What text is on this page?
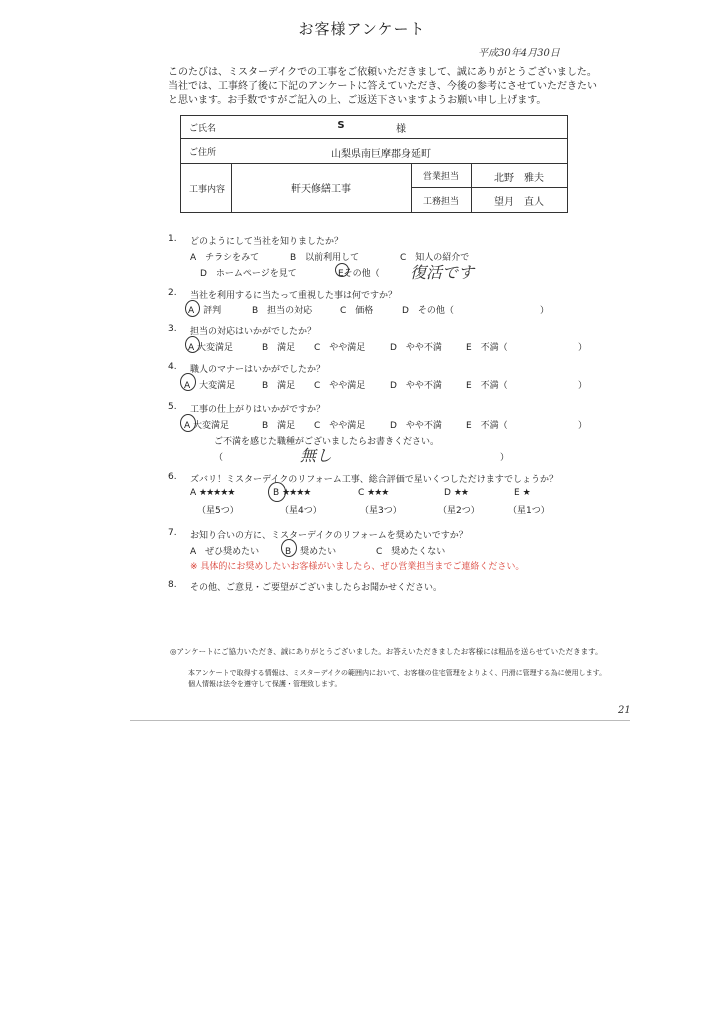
お客様アンケート
平成30年4月30日
このたびは、ミスターデイクでの工事をご依頼いただきまして、誠にありがとうございました。
当社では、工事終了後に下記のアンケートに答えていただき、今後の参考にさせていただきたい
と思います。お手数ですがご記入の上、ご返送下さいますようお願い申し上げます。
ご氏名	S	様
ご住所	山梨県南巨摩郡身延町
工事内容	軒天修繕工事
営業担当	北野　雅夫
工務担当	望月　直人
1. どのようにして当社を知りましたか？
A　チラシをみて	B　以前利用して	C　知人の紹介で
D　ホームページを見て	Eその他（ 復活です
2. 当社を利用するに当たって重視した事は何ですか？
A　評判	B　担当の対応	C　価格	D　その他（	）
3. 担当の対応はいかがでしたか？
A 大変満足	B　満足 C　やや満足	D　やや不満	E　不満（	）
4. 職人のマナーはいかがでしたか？
A　大変満足	B　満足 C　やや満足	D　やや不満	E　不満（	）
5. 工事の仕上がりはいかがですか？
A 大変満足	B　満足 C　やや満足	D　やや不満	E　不満（	）
ご不満を感じた職種がございましたらお書きください。
（	無し	）
6. ズバリ！ミスターデイクのリフォーム工事、総合評価で星いくつしただけますでしょうか？
A ★★★★★
（星5つ）
B ★★★★
（星4つ）
C ★★★
（星3つ）
D ★★
（星2つ）
E ★
（星1つ）
7. お知り合いの方に、ミスターデイクのリフォームを奨めたいですか？
A　ぜひ奨めたい	B　奨めたい	C　奨めたくない
※ 具体的にお奨めしたいお客様がいましたら、ぜひ営業担当までご連絡ください。
8. その他、ご意見・ご要望がございましたらお聞かせください。
◎アンケートにご協力いただき、誠にありがとうございました。お答えいただきましたお客様には粗品を送らせていただきます。
本アンケートで取得する情報は、ミスターデイクの範囲内において、お客様の住宅管理をよりよく、円滑に管理する為に使用します。
個人情報は法令を遵守して保護・管理致します。
21
